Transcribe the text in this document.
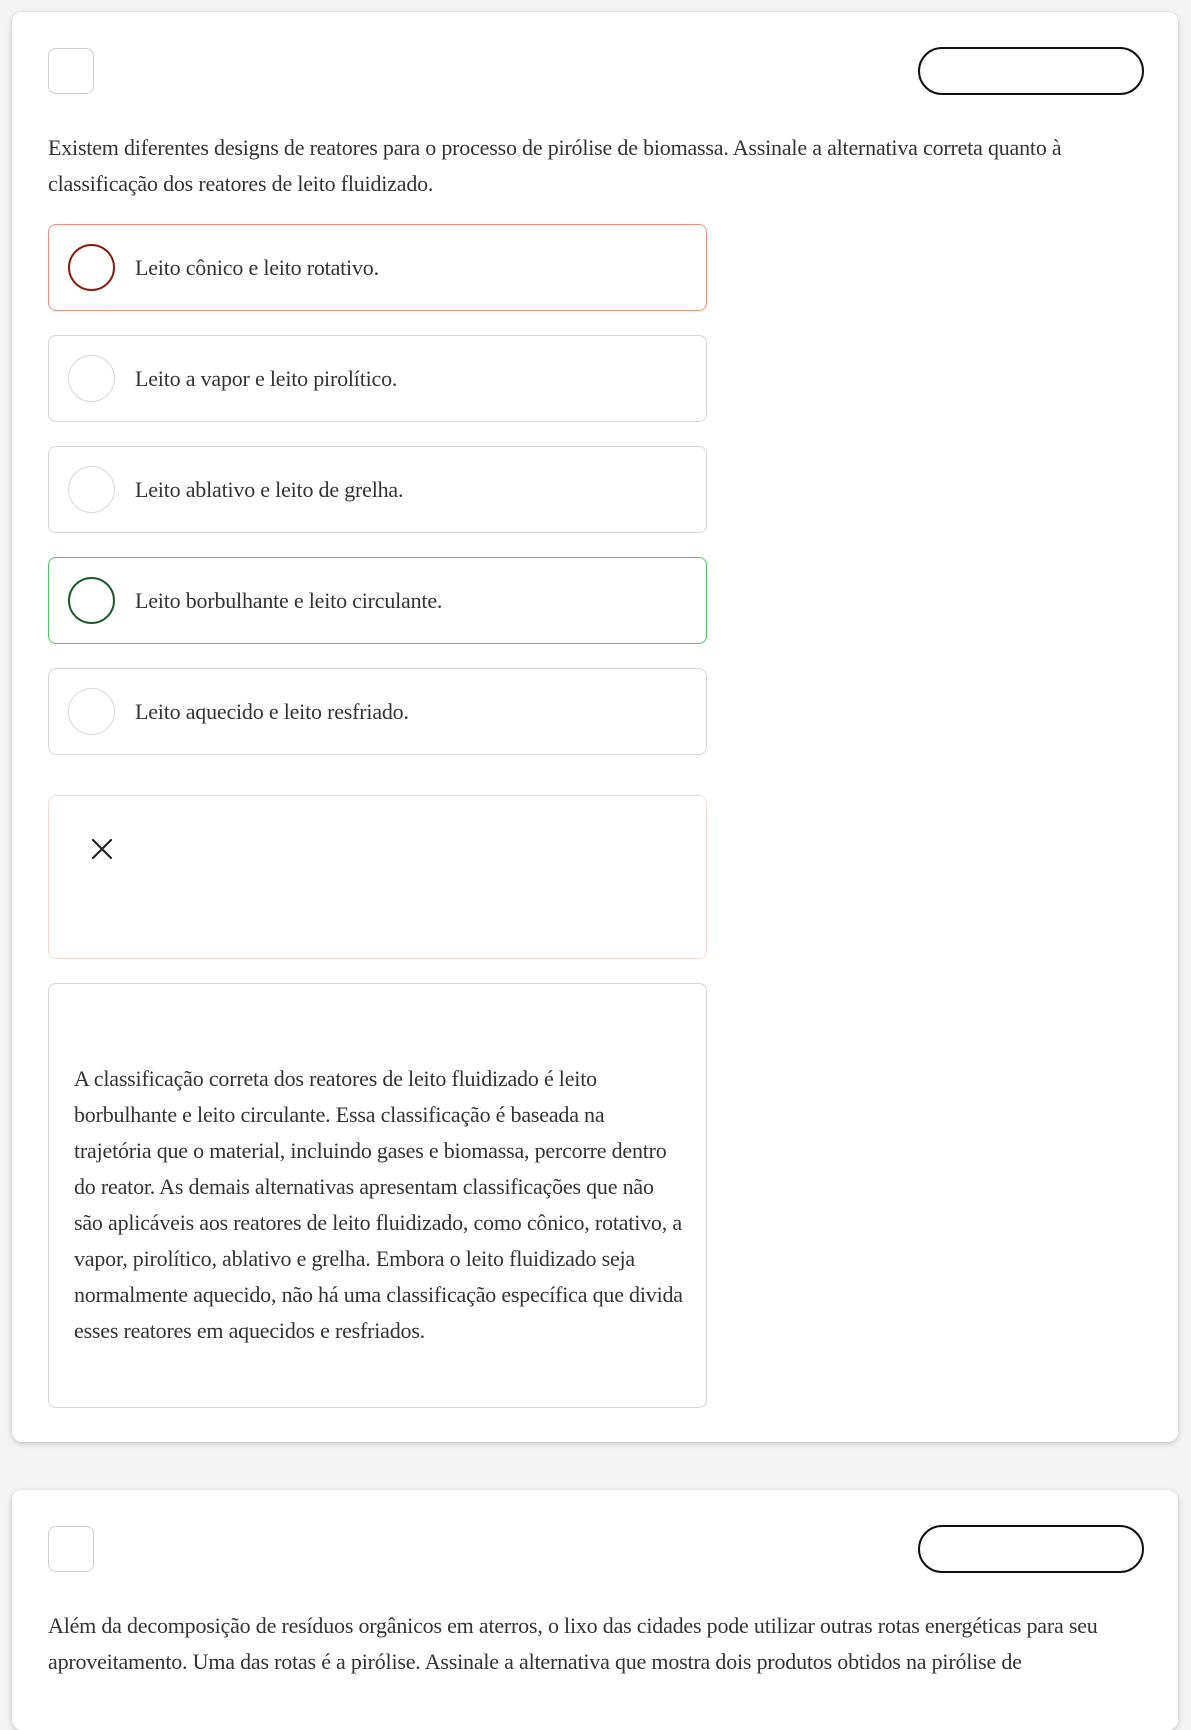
Existem diferentes designs de reatores para o processo de pirólise de biomassa. Assinale a alternativa correta quanto à classificação dos reatores de leito fluidizado.

Leito cônico e leito rotativo.
Leito a vapor e leito pirolítico.
Leito ablativo e leito de grelha.
Leito borbulhante e leito circulante.
Leito aquecido e leito resfriado.

A classificação correta dos reatores de leito fluidizado é leito borbulhante e leito circulante. Essa classificação é baseada na trajetória que o material, incluindo gases e biomassa, percorre dentro do reator. As demais alternativas apresentam classificações que não são aplicáveis aos reatores de leito fluidizado, como cônico, rotativo, a vapor, pirolítico, ablativo e grelha. Embora o leito fluidizado seja normalmente aquecido, não há uma classificação específica que divida esses reatores em aquecidos e resfriados.

Além da decomposição de resíduos orgânicos em aterros, o lixo das cidades pode utilizar outras rotas energéticas para seu aproveitamento. Uma das rotas é a pirólise. Assinale a alternativa que mostra dois produtos obtidos na pirólise de
